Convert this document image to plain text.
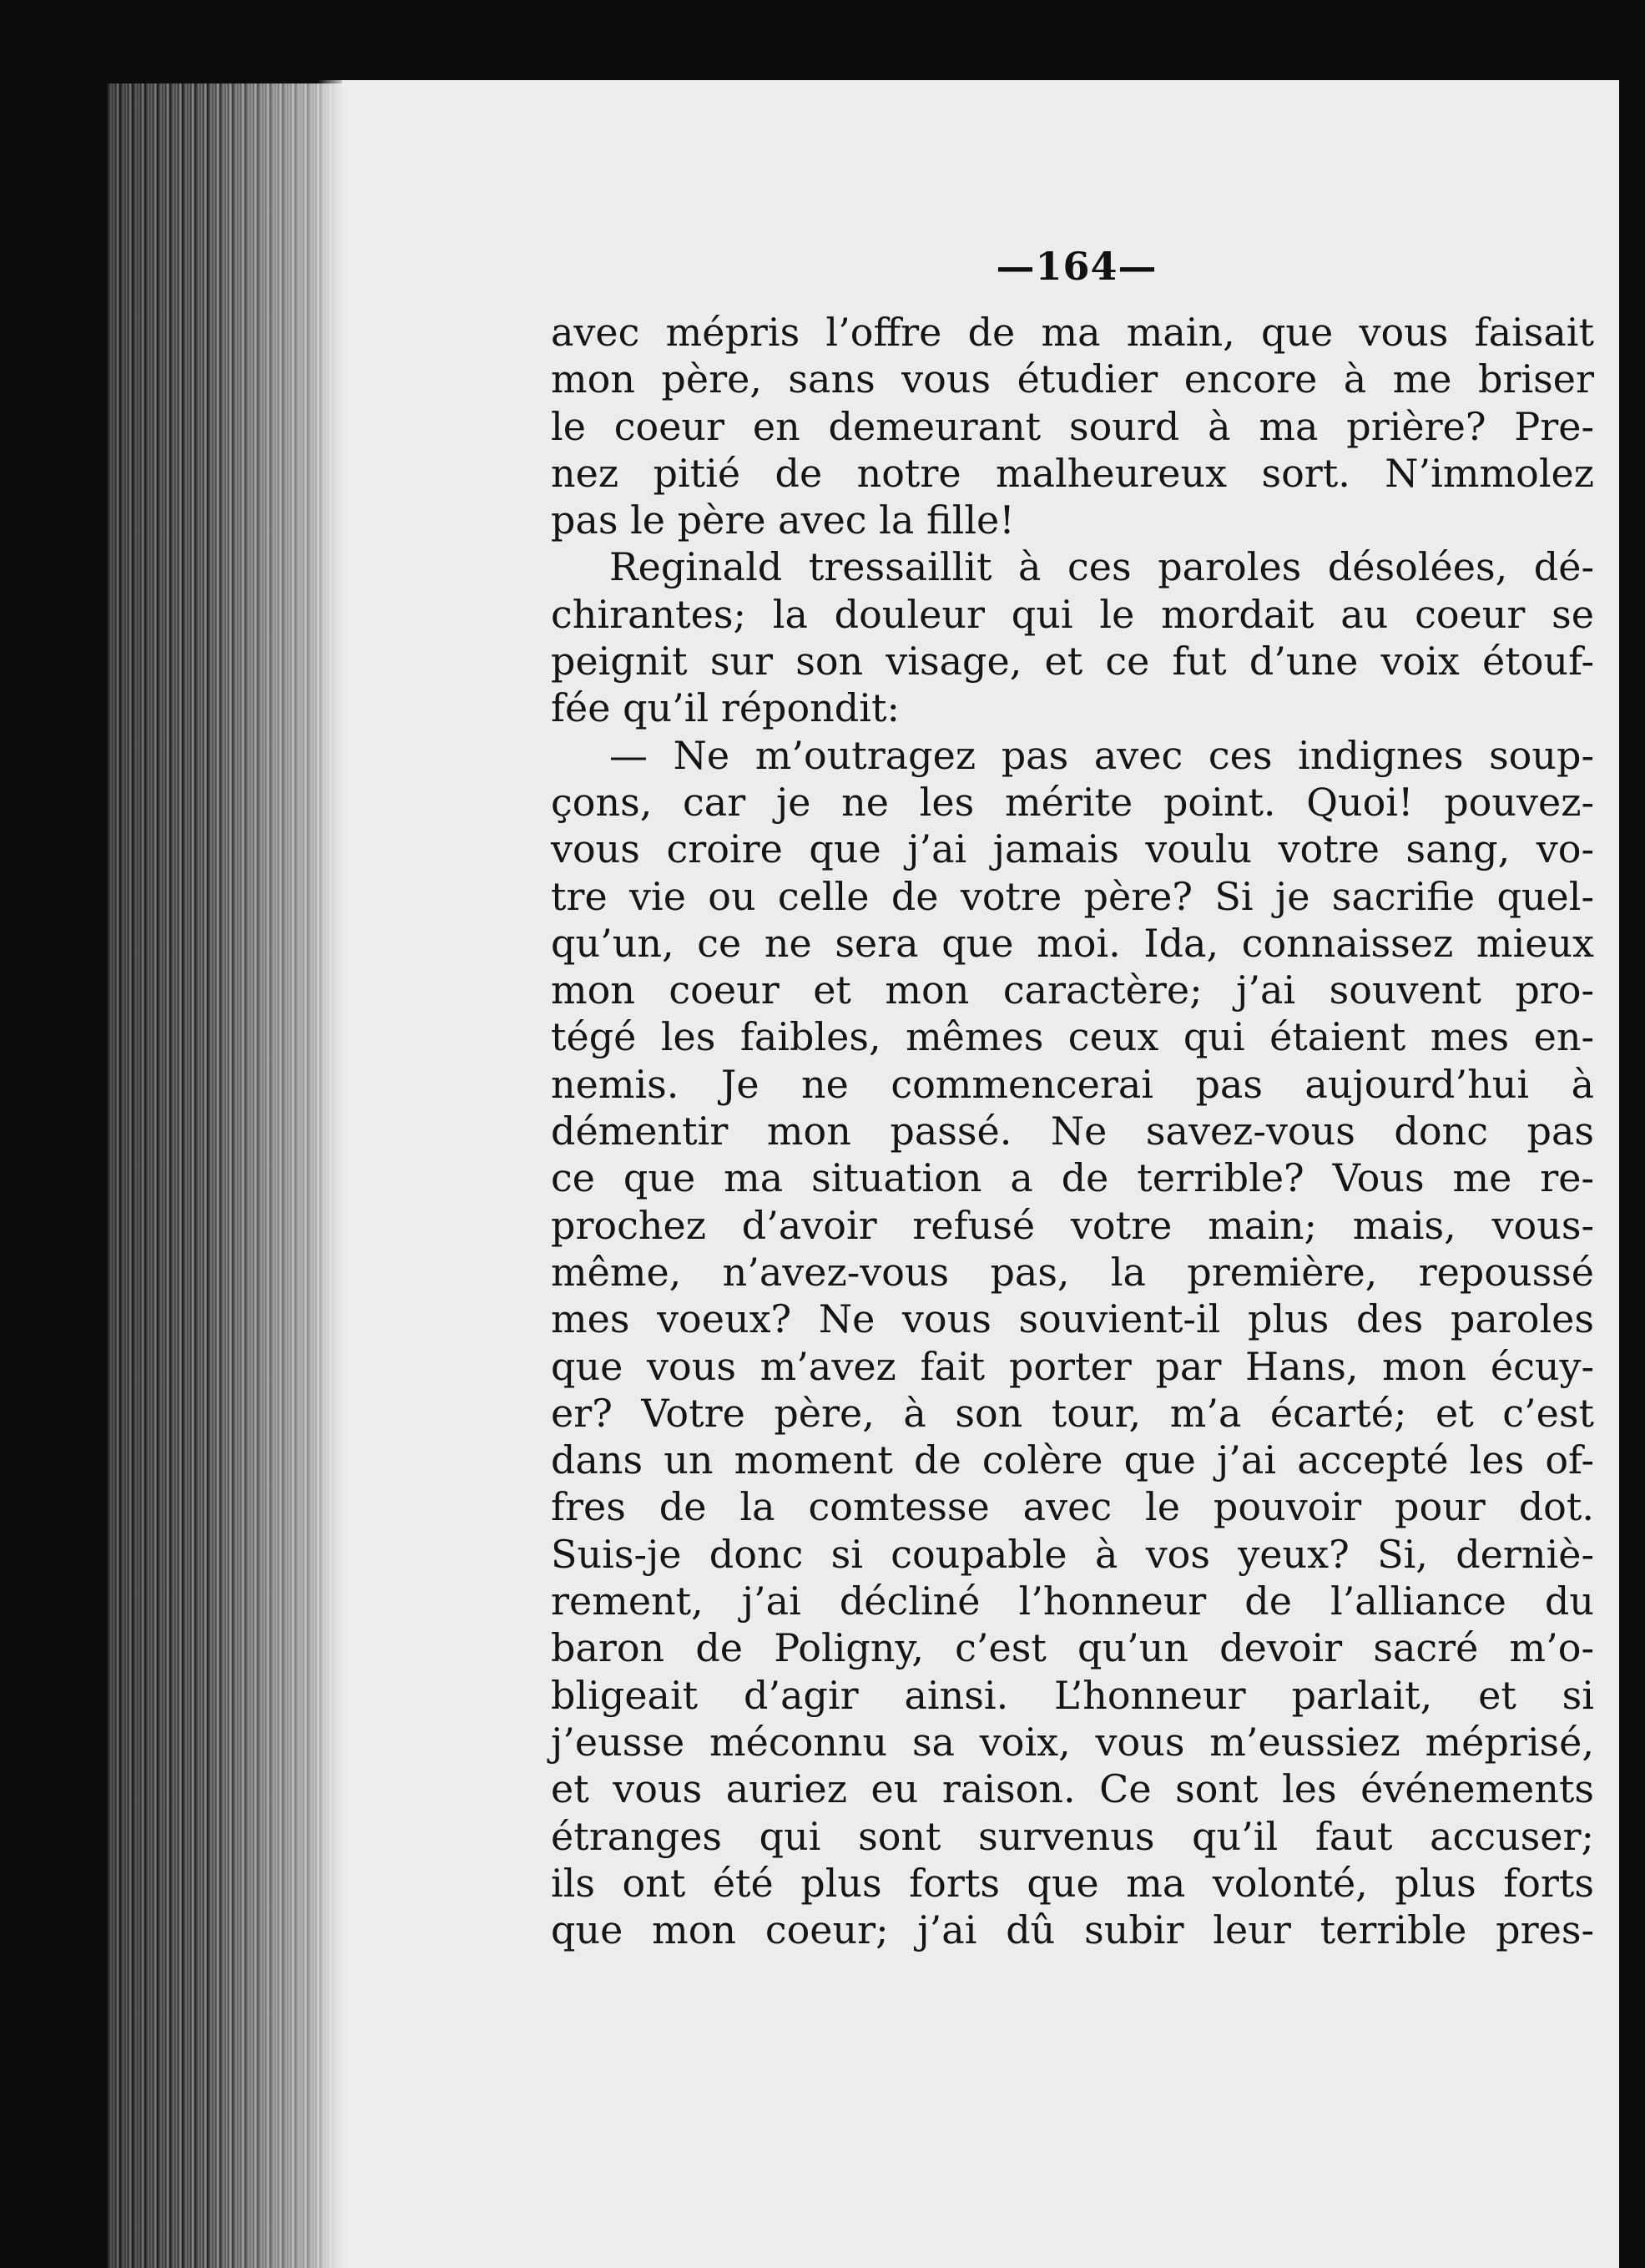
—164—
avec mépris l’offre de ma main, que vous faisait
mon père, sans vous étudier encore à me briser
le coeur en demeurant sourd à ma prière? Pre-
nez pitié de notre malheureux sort. N’immolez
pas le père avec la fille!
Reginald tressaillit à ces paroles désolées, dé-
chirantes; la douleur qui le mordait au coeur se
peignit sur son visage, et ce fut d’une voix étouf-
fée qu’il répondit:
— Ne m’outragez pas avec ces indignes soup-
çons, car je ne les mérite point. Quoi! pouvez-
vous croire que j’ai jamais voulu votre sang, vo-
tre vie ou celle de votre père? Si je sacrifie quel-
qu’un, ce ne sera que moi. Ida, connaissez mieux
mon coeur et mon caractère; j’ai souvent pro-
tégé les faibles, mêmes ceux qui étaient mes en-
nemis. Je ne commencerai pas aujourd’hui à
démentir mon passé. Ne savez-vous donc pas
ce que ma situation a de terrible? Vous me re-
prochez d’avoir refusé votre main; mais, vous-
même, n’avez-vous pas, la première, repoussé
mes voeux? Ne vous souvient-il plus des paroles
que vous m’avez fait porter par Hans, mon écuy-
er? Votre père, à son tour, m’a écarté; et c’est
dans un moment de colère que j’ai accepté les of-
fres de la comtesse avec le pouvoir pour dot.
Suis-je donc si coupable à vos yeux? Si, derniè-
rement, j’ai décliné l’honneur de l’alliance du
baron de Poligny, c’est qu’un devoir sacré m’o-
bligeait d’agir ainsi. L’honneur parlait, et si
j’eusse méconnu sa voix, vous m’eussiez méprisé,
et vous auriez eu raison. Ce sont les événements
étranges qui sont survenus qu’il faut accuser;
ils ont été plus forts que ma volonté, plus forts
que mon coeur; j’ai dû subir leur terrible pres-
